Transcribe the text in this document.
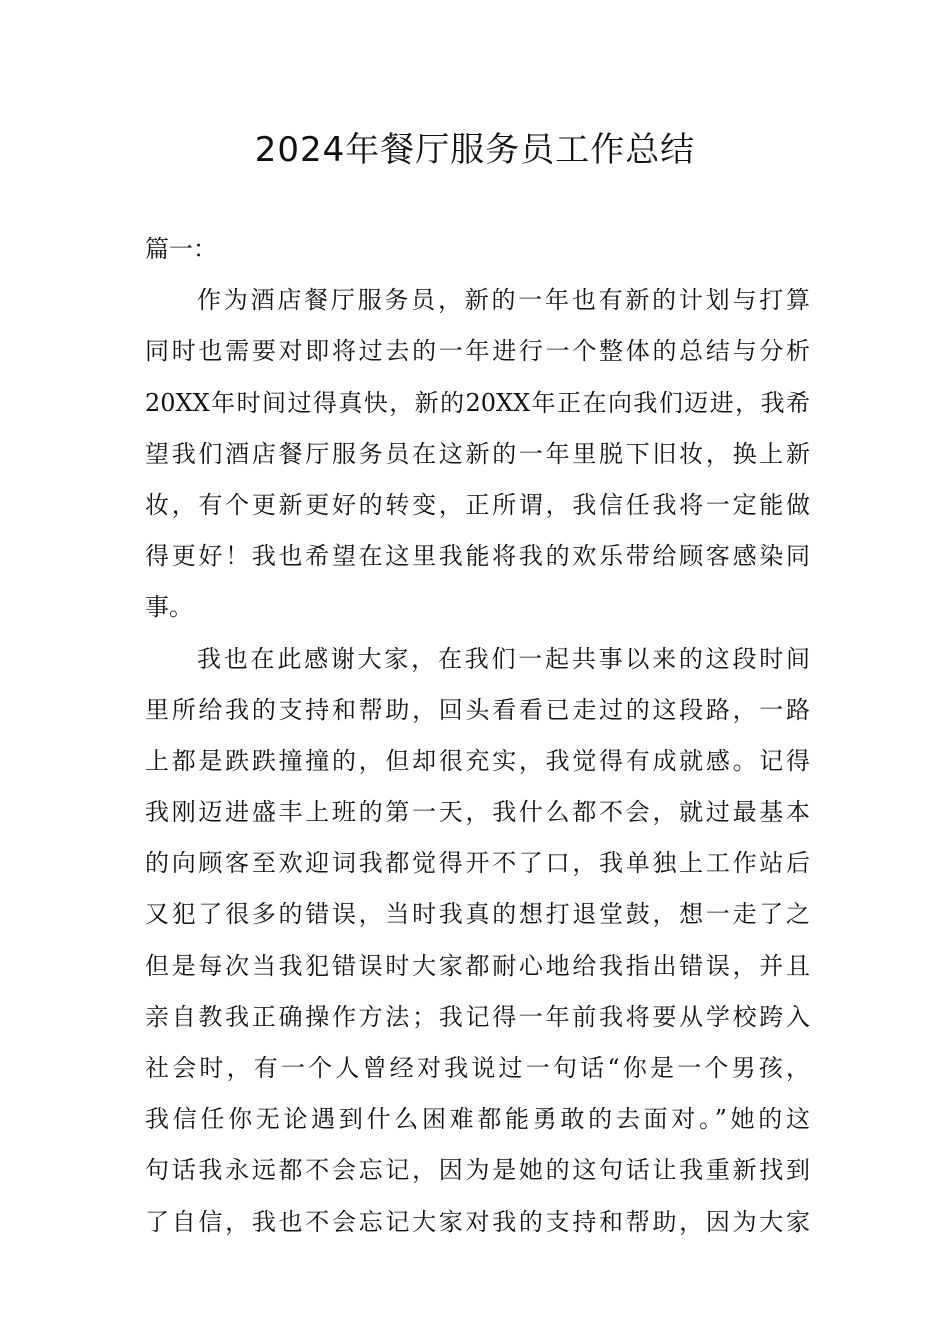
2024年餐厅服务员工作总结
篇一：
作为酒店餐厅服务员，新的一年也有新的计划与打算
同时也需要对即将过去的一年进行一个整体的总结与分析
20XX年时间过得真快，新的20XX年正在向我们迈进，我希
望我们酒店餐厅服务员在这新的一年里脱下旧妆，换上新
妆，有个更新更好的转变，正所谓，我信任我将一定能做
得更好！我也希望在这里我能将我的欢乐带给顾客感染同
事。
我也在此感谢大家，在我们一起共事以来的这段时间
里所给我的支持和帮助，回头看看已走过的这段路，一路
上都是跌跌撞撞的，但却很充实，我觉得有成就感。记得
我刚迈进盛丰上班的第一天，我什么都不会，就过最基本
的向顾客至欢迎词我都觉得开不了口，我单独上工作站后
又犯了很多的错误，当时我真的想打退堂鼓，想一走了之
但是每次当我犯错误时大家都耐心地给我指出错误，并且
亲自教我正确操作方法；我记得一年前我将要从学校跨入
社会时，有一个人曾经对我说过一句话“你是一个男孩，
我信任你无论遇到什么困难都能勇敢的去面对。”她的这
句话我永远都不会忘记，因为是她的这句话让我重新找到
了自信，我也不会忘记大家对我的支持和帮助，因为大家
